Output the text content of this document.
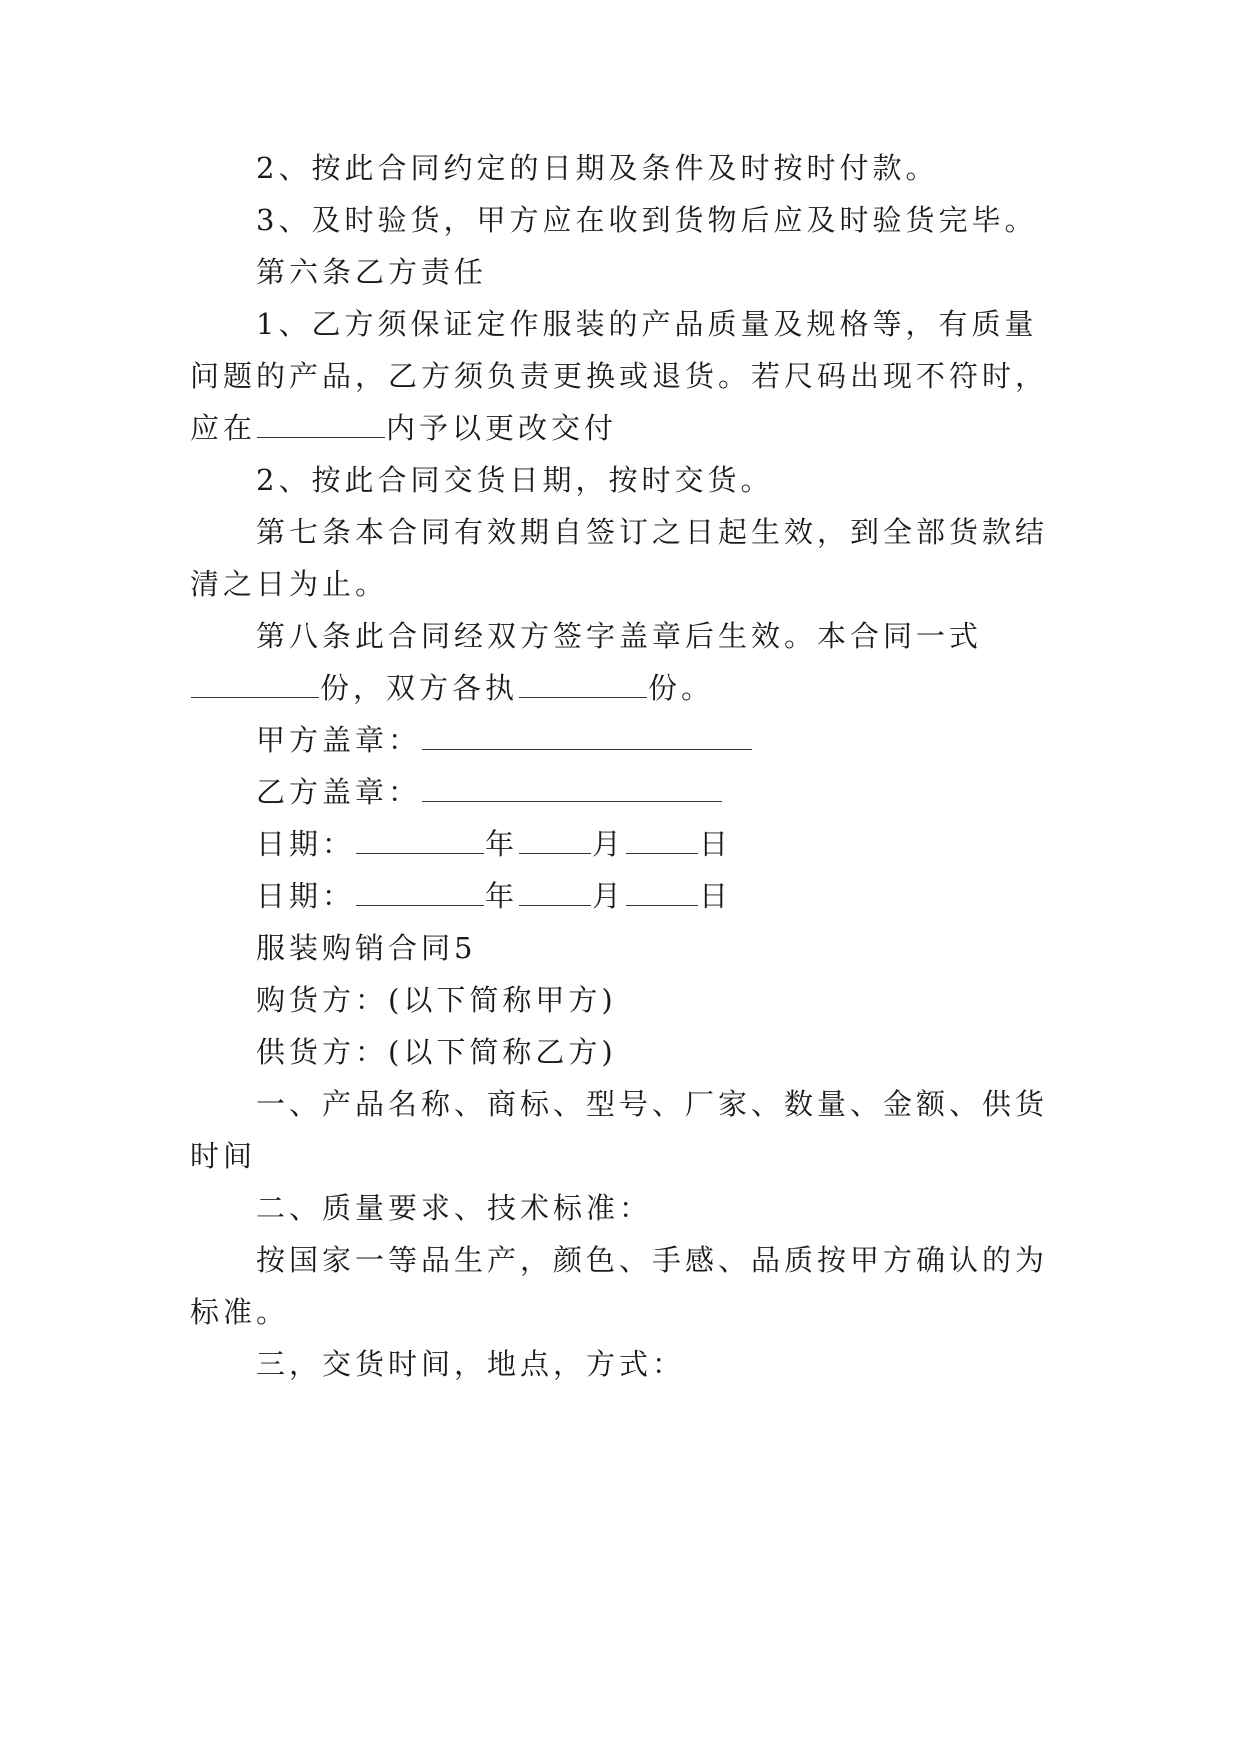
2、按此合同约定的日期及条件及时按时付款。
3、及时验货，甲方应在收到货物后应及时验货完毕。
第六条乙方责任
1、乙方须保证定作服装的产品质量及规格等，有质量
问题的产品，乙方须负责更换或退货。若尺码出现不符时，
应在	内予以更改交付
2、按此合同交货日期，按时交货。
第七条本合同有效期自签订之日起生效，到全部货款结
清之日为止。
第八条此合同经双方签字盖章后生效。本合同一式
份，双方各执	份。
甲方盖章：
乙方盖章：
日期：	年	月	日
日期：	年	月	日
服装购销合同5
购货方：(以下简称甲方)
供货方：(以下简称乙方)
一、产品名称、商标、型号、厂家、数量、金额、供货
时间
二、质量要求、技术标准：
按国家一等品生产，颜色、手感、品质按甲方确认的为
标准。
三，交货时间，地点，方式：
